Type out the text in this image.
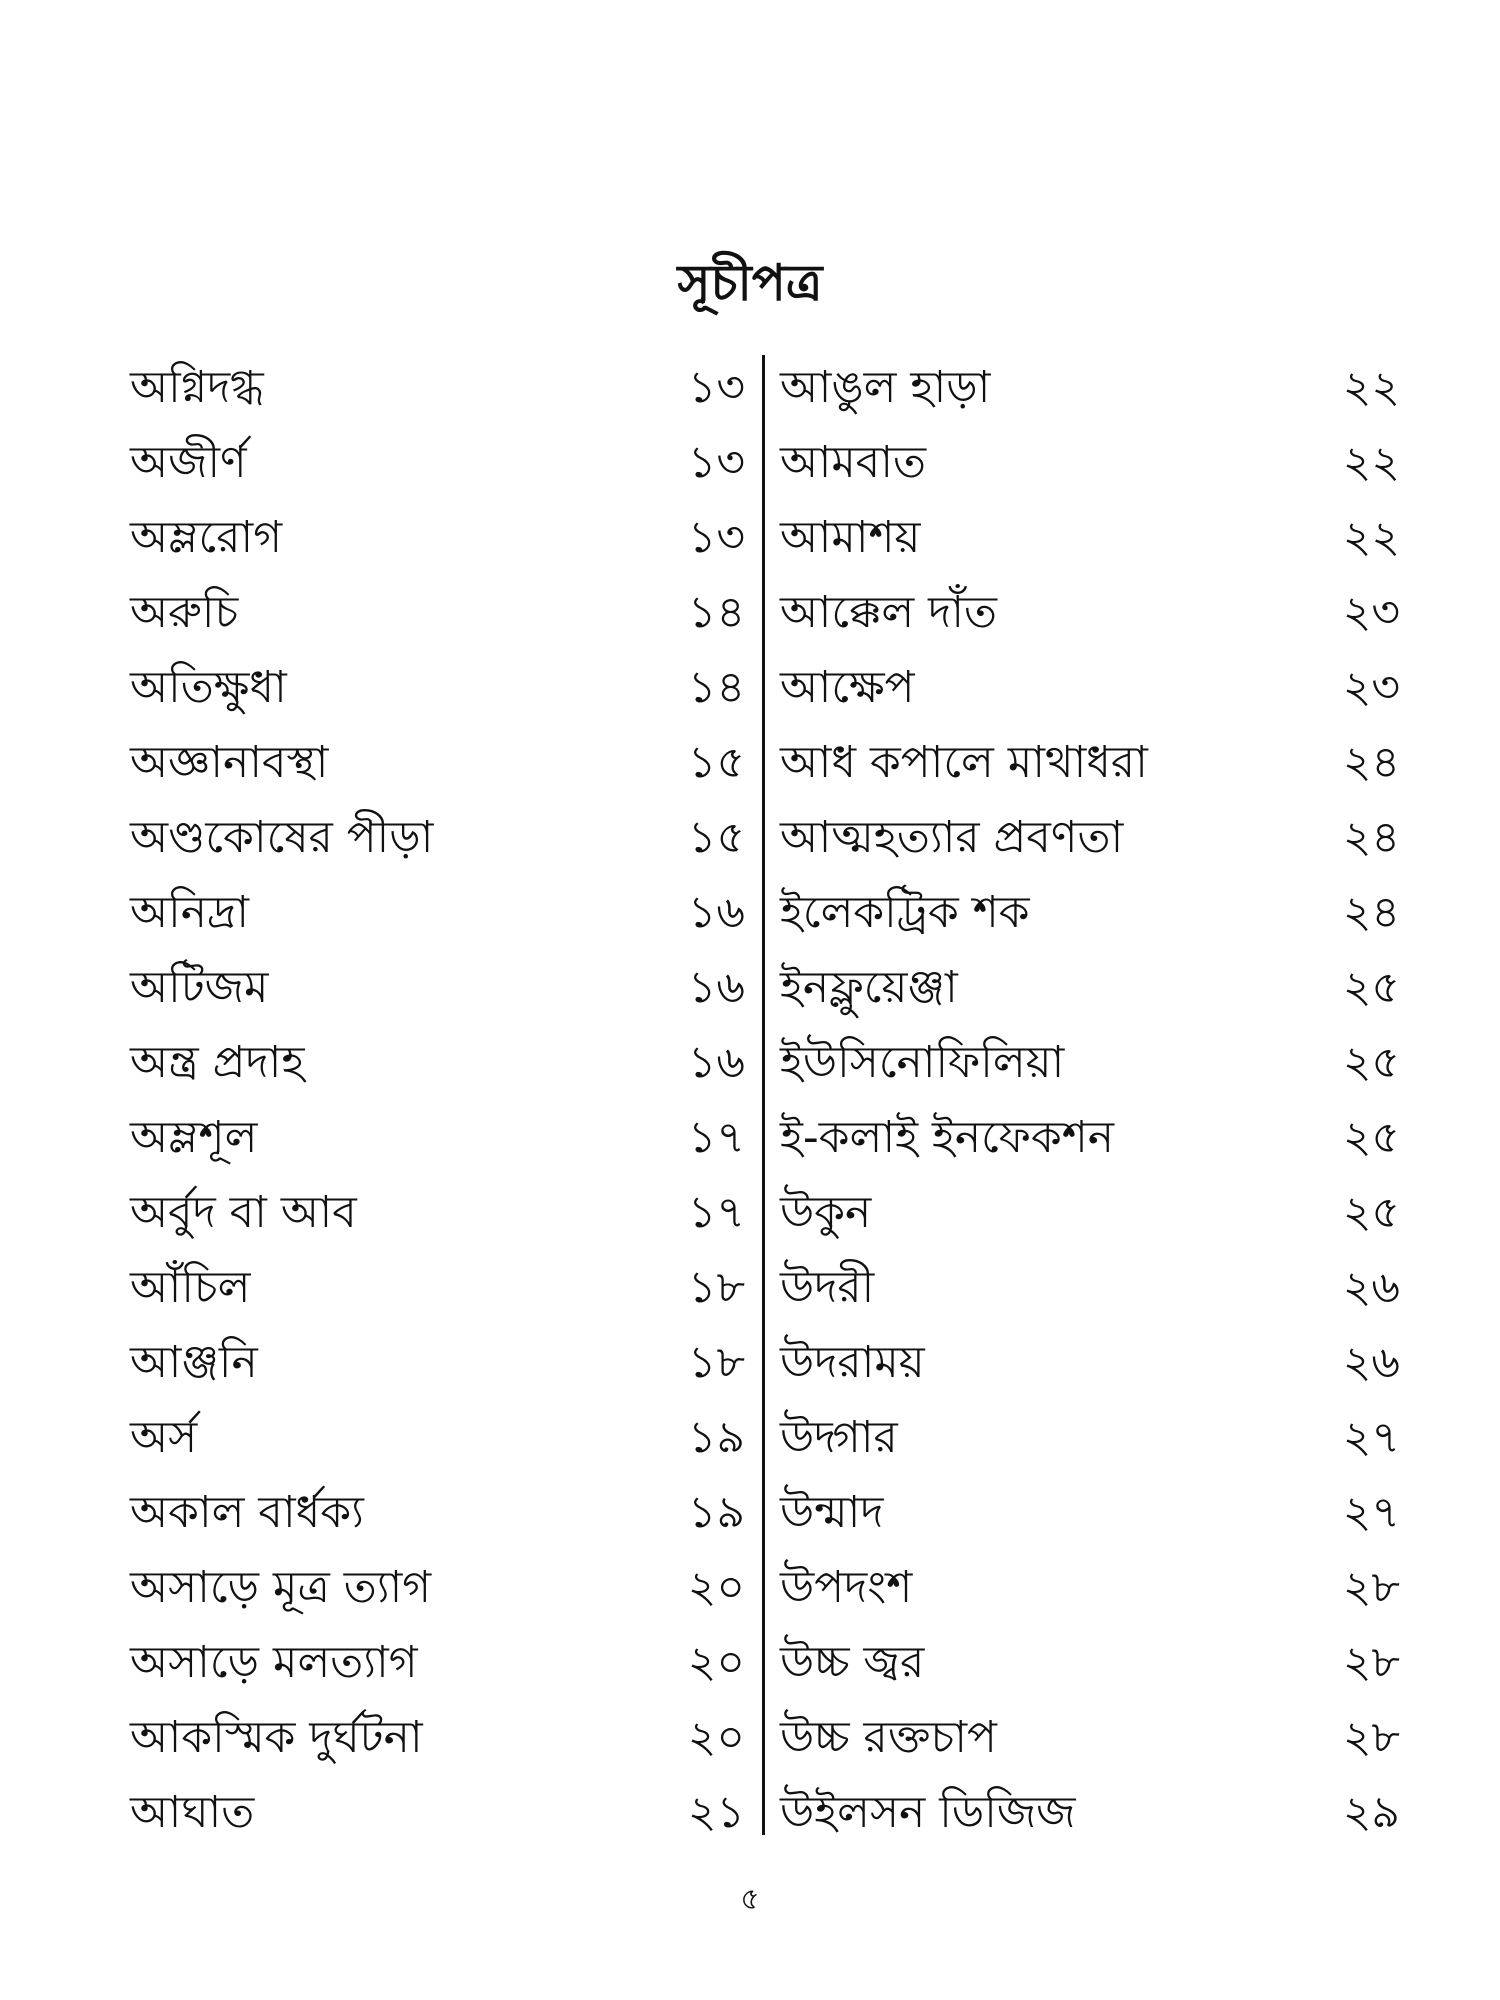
সূচীপত্র
অগ্নিদগ্ধ	১৩
অজীর্ণ	১৩
অম্লরোগ	১৩
অরুচি	১৪
অতিক্ষুধা	১৪
অজ্ঞানাবস্থা	১৫
অণ্ডকোষের পীড়া	১৫
অনিদ্রা	১৬
অটিজম	১৬
অন্ত্র প্রদাহ	১৬
অম্লশূল	১৭
অর্বুদ বা আব	১৭
আঁচিল	১৮
আঞ্জনি	১৮
অর্স	১৯
অকাল বার্ধক্য	১৯
অসাড়ে মূত্র ত্যাগ	২০
অসাড়ে মলত্যাগ	২০
আকস্মিক দুর্ঘটনা	২০
আঘাত	২১
আঙুল হাড়া	২২
আমবাত	২২
আমাশয়	২২
আক্কেল দাঁত	২৩
আক্ষেপ	২৩
আধ কপালে মাথাধরা	২৪
আত্মহত্যার প্রবণতা	২৪
ইলেকট্রিক শক	২৪
ইনফ্লুয়েঞ্জা	২৫
ইউসিনোফিলিয়া	২৫
ই-কলাই ইনফেকশন	২৫
উকুন	২৫
উদরী	২৬
উদরাময়	২৬
উদ্গার	২৭
উন্মাদ	২৭
উপদংশ	২৮
উচ্চ জ্বর	২৮
উচ্চ রক্তচাপ	২৮
উইলসন ডিজিজ	২৯
৫
